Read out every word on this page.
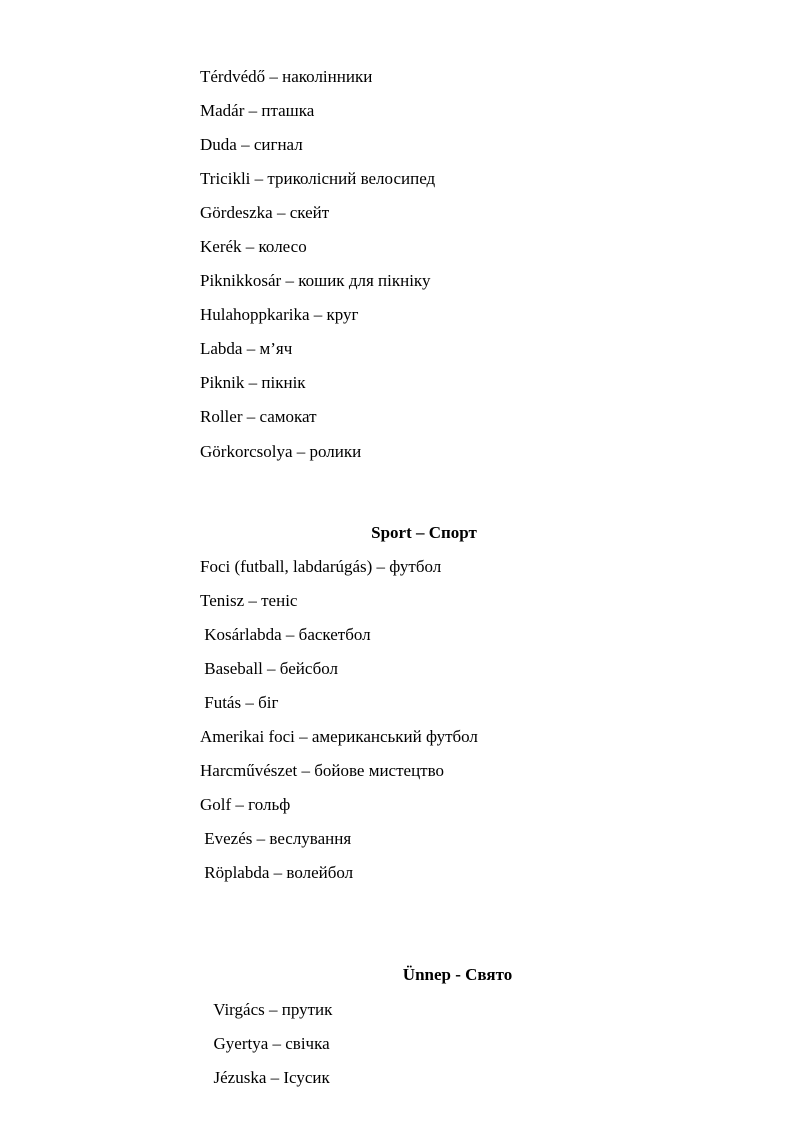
Térdvédő – наколінники
Madár – пташка
Duda – сигнал
Tricikli – триколісний велосипед
Gördeszka – скейт
Kerék – колесо
Piknikkosár – кошик для пікніку
Hulahoppkarika – круг
Labda – м’яч
Piknik – пікнік
Roller – самокат
Görkorcsolya – ролики
Sport – Спорт
Foci (futball, labdarúgás) – футбол
Tenisz – теніс
Kosárlabda – баскетбол
Baseball – бейсбол
Futás – біг
Amerikai foci – американський футбол
Harcművészet – бойове мистецтво
Golf – гольф
Evezés – веслування
Röplabda – волейбол
Ünnep - Свято
Virgács – прутик
Gyertya – свічка
Jézuska – Ісусик
